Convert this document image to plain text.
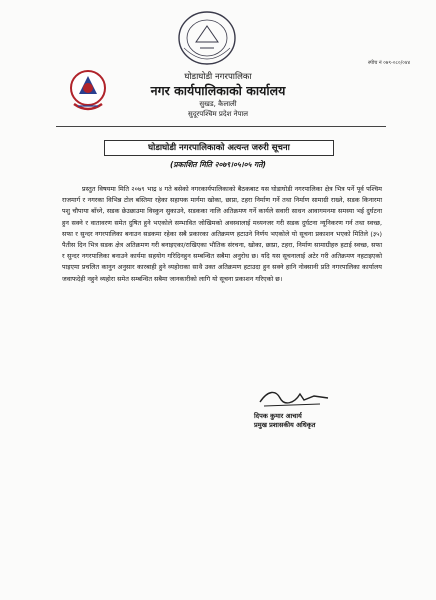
स्पीच नं ०७९-०८०/०४४
घोडाघोडी नगरपालिका
नगर कार्यपालिकाको कार्यालय
सुखड, कैलाली
सुदूरपश्चिम प्रदेश नेपाल
घोडाघोडी नगरपालिकाको अत्यन्त जरुरी सूचना
(प्रकाशित मिति २०७९।०५।०५ गते)

प्रस्तुत विषयमा मिति २०७९ भाद्र ४ गते बसेको नगरकार्यपालिकाको बैठकबाट यस घोडाघोडी नगरपालिका क्षेत्र भित्र पर्ने पूर्व पश्चिम राजमार्ग र नगरका विभिन्न टोल बस्तिमा रहेका सहायक मार्गमा खोका, छाप्रा, टहरा निर्माण गर्ने तथा निर्माण सामाग्री राख्ने, सडक किनारमा पशु चौपाया बाँध्ने, सडक छेउछाउमा विस्कुन सुकाउने, सडकका नालि अतिक्रमण गर्ने कार्यले सवारी साधन आवागमनमा समस्या भई दुर्घटना हुन सक्ने र वातावरण समेत दुषित हुने भएकोले सम्भावित जोखिमको अवस्थालाई मध्यनजर गरी सडक दुर्घटना न्यूनिकरण गर्न तथा स्वच्छ, सफा र सुन्दर नगरपालिका बनाउन सडकमा रहेका सबै प्रकारका अतिक्रमण हटाउने निर्णय भएकोले यो सूचना प्रकाशन भएको मितिले (३५) पैतीस दिन भित्र सडक क्षेत्र अतिक्रमण गरी बनाइएका/राखिएका भौतिक संरचना, खोका, छाप्रा, टहरा, निर्माण सामाग्रीहरु हटाई स्वच्छ, सफा र सुन्दर नगरपालिका बनाउने कार्यमा सहयोग गरिदिनहुन सम्बन्धित सबैमा अनुरोध छ। यदि यस सूचनालाई अटेर गरी अतिक्रमण नहटाइएको पाइएमा प्रचलित कानुन अनुसार कारबाही हुने व्यहोराका साथै उक्त अतिक्रमण हटाउदा हुन सक्ने हानि नोक्सानी प्रति नगरपालिका कार्यालय जवाफदेही नहुने व्यहोरा समेत सम्बन्धित सबैमा जानकारीको लागि यो सूचना प्रकाशन गरिएको छ।

दिपक कुमार आचार्य
प्रमुख प्रशासकीय अधिकृत
